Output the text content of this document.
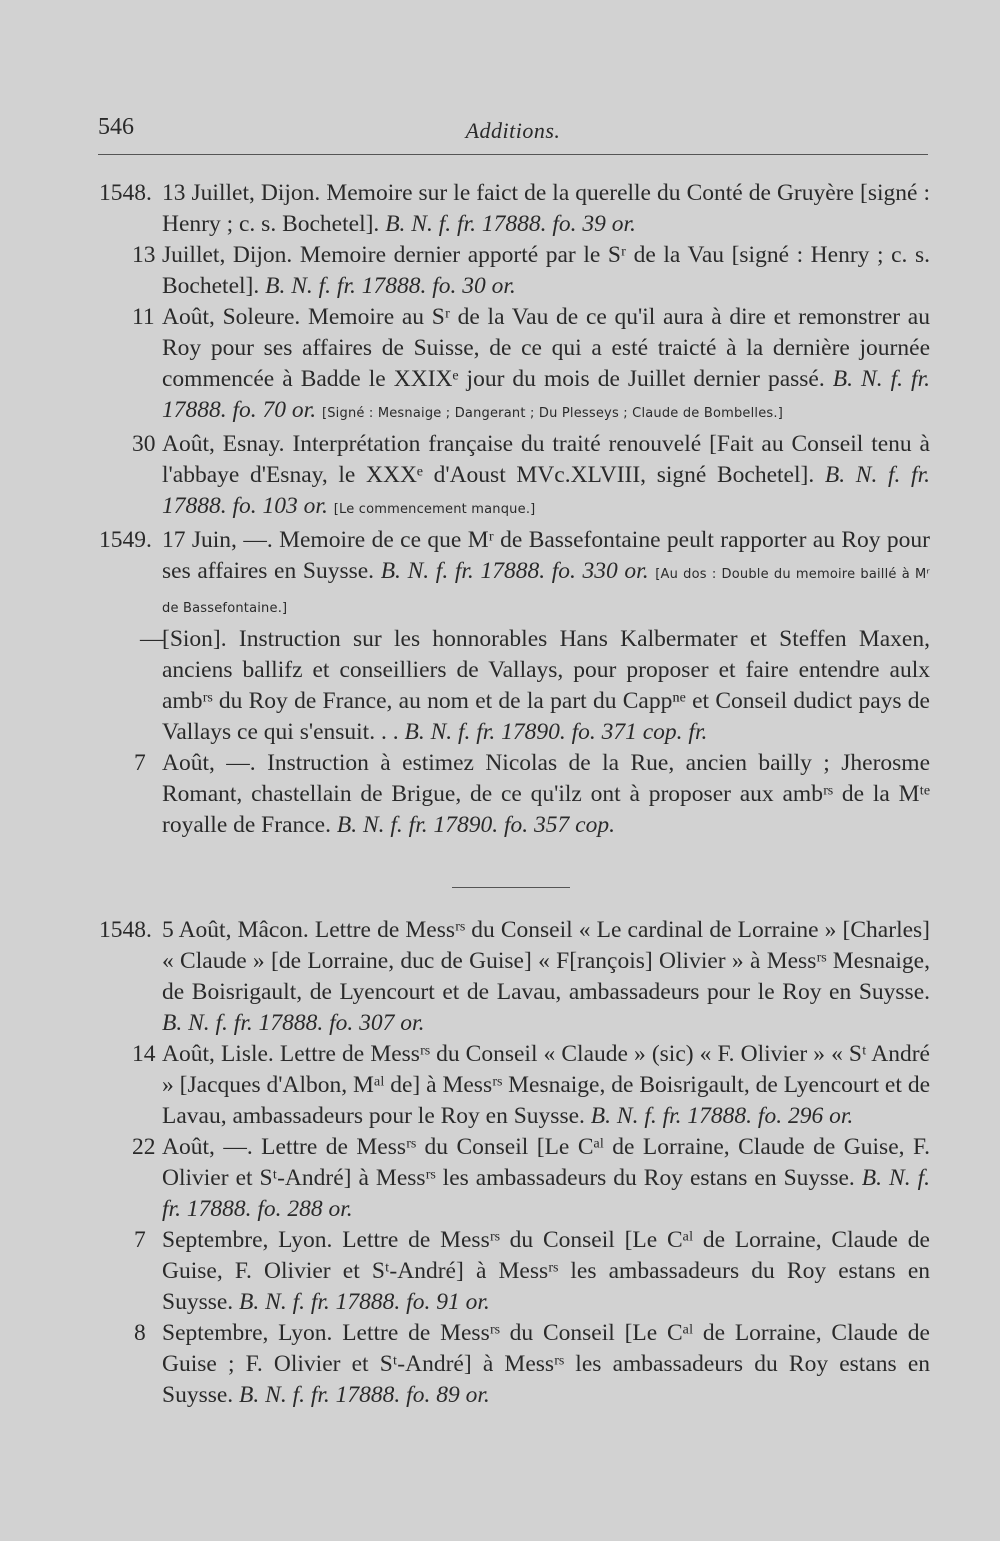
546	Additions.
1548. 13 Juillet, Dijon. Memoire sur le faict de la querelle du Conté de Gruyère [signé : Henry ; c. s. Bochetel]. B. N. f. fr. 17888. fo. 39 or.
13 Juillet, Dijon. Memoire dernier apporté par le Sʳ de la Vau [signé : Henry ; c. s. Bochetel]. B. N. f. fr. 17888. fo. 30 or.
11 Août, Soleure. Memoire au Sʳ de la Vau de ce qu'il aura à dire et remonstrer au Roy pour ses affaires de Suisse, de ce qui a esté traicté à la dernière journée commencée à Badde le XXIXᵉ jour du mois de Juillet dernier passé. B. N. f. fr. 17888. fo. 70 or. [Signé : Mesnaige ; Dangerant ; Du Plesseys ; Claude de Bombelles.]
30 Août, Esnay. Interprétation française du traité renouvelé [Fait au Conseil tenu à l'abbaye d'Esnay, le XXXᵉ d'Aoust MVc.XLVIII, signé Bochetel]. B. N. f. fr. 17888. fo. 103 or. [Le commencement manque.]
1549. 17 Juin, —. Memoire de ce que Mʳ de Bassefontaine peult rapporter au Roy pour ses affaires en Suysse. B. N. f. fr. 17888. fo. 330 or. [Au dos : Double du memoire baillé à Mʳ de Bassefontaine.]
—
[Sion]. Instruction sur les honnorables Hans Kalbermater et Steffen Maxen, anciens ballifz et conseilliers de Vallays, pour proposer et faire entendre aulx ambʳˢ du Roy de France, au nom et de la part du Cappⁿᵉ et Conseil dudict pays de Vallays ce qui s'ensuit. . . B. N. f. fr. 17890. fo. 371 cop. fr.
7 Août, —. Instruction à estimez Nicolas de la Rue, ancien bailly ; Jherosme Romant, chastellain de Brigue, de ce qu'ilz ont à proposer aux ambʳˢ de la Mᵗᵉ royalle de France. B. N. f. fr. 17890. fo. 357 cop.
1548. 5 Août, Mâcon. Lettre de Messʳˢ du Conseil « Le cardinal de Lorraine » [Charles] « Claude » [de Lorraine, duc de Guise] « F[rançois] Olivier » à Messʳˢ Mesnaige, de Boisrigault, de Lyencourt et de Lavau, ambassadeurs pour le Roy en Suysse. B. N. f. fr. 17888. fo. 307 or.
14 Août, Lisle. Lettre de Messʳˢ du Conseil « Claude » (sic) « F. Olivier » « Sᵗ André » [Jacques d'Albon, Mᵃˡ de] à Messʳˢ Mesnaige, de Boisrigault, de Lyencourt et de Lavau, ambassadeurs pour le Roy en Suysse. B. N. f. fr. 17888. fo. 296 or.
22 Août, —. Lettre de Messʳˢ du Conseil [Le Cᵃˡ de Lorraine, Claude de Guise, F. Olivier et Sᵗ-André] à Messʳˢ les ambassadeurs du Roy estans en Suysse. B. N. f. fr. 17888. fo. 288 or.
7 Septembre, Lyon. Lettre de Messʳˢ du Conseil [Le Cᵃˡ de Lorraine, Claude de Guise, F. Olivier et Sᵗ-André] à Messʳˢ les ambassadeurs du Roy estans en Suysse. B. N. f. fr. 17888. fo. 91 or.
8 Septembre, Lyon. Lettre de Messʳˢ du Conseil [Le Cᵃˡ de Lorraine, Claude de Guise ; F. Olivier et Sᵗ-André] à Messʳˢ les ambassadeurs du Roy estans en Suysse. B. N. f. fr. 17888. fo. 89 or.
